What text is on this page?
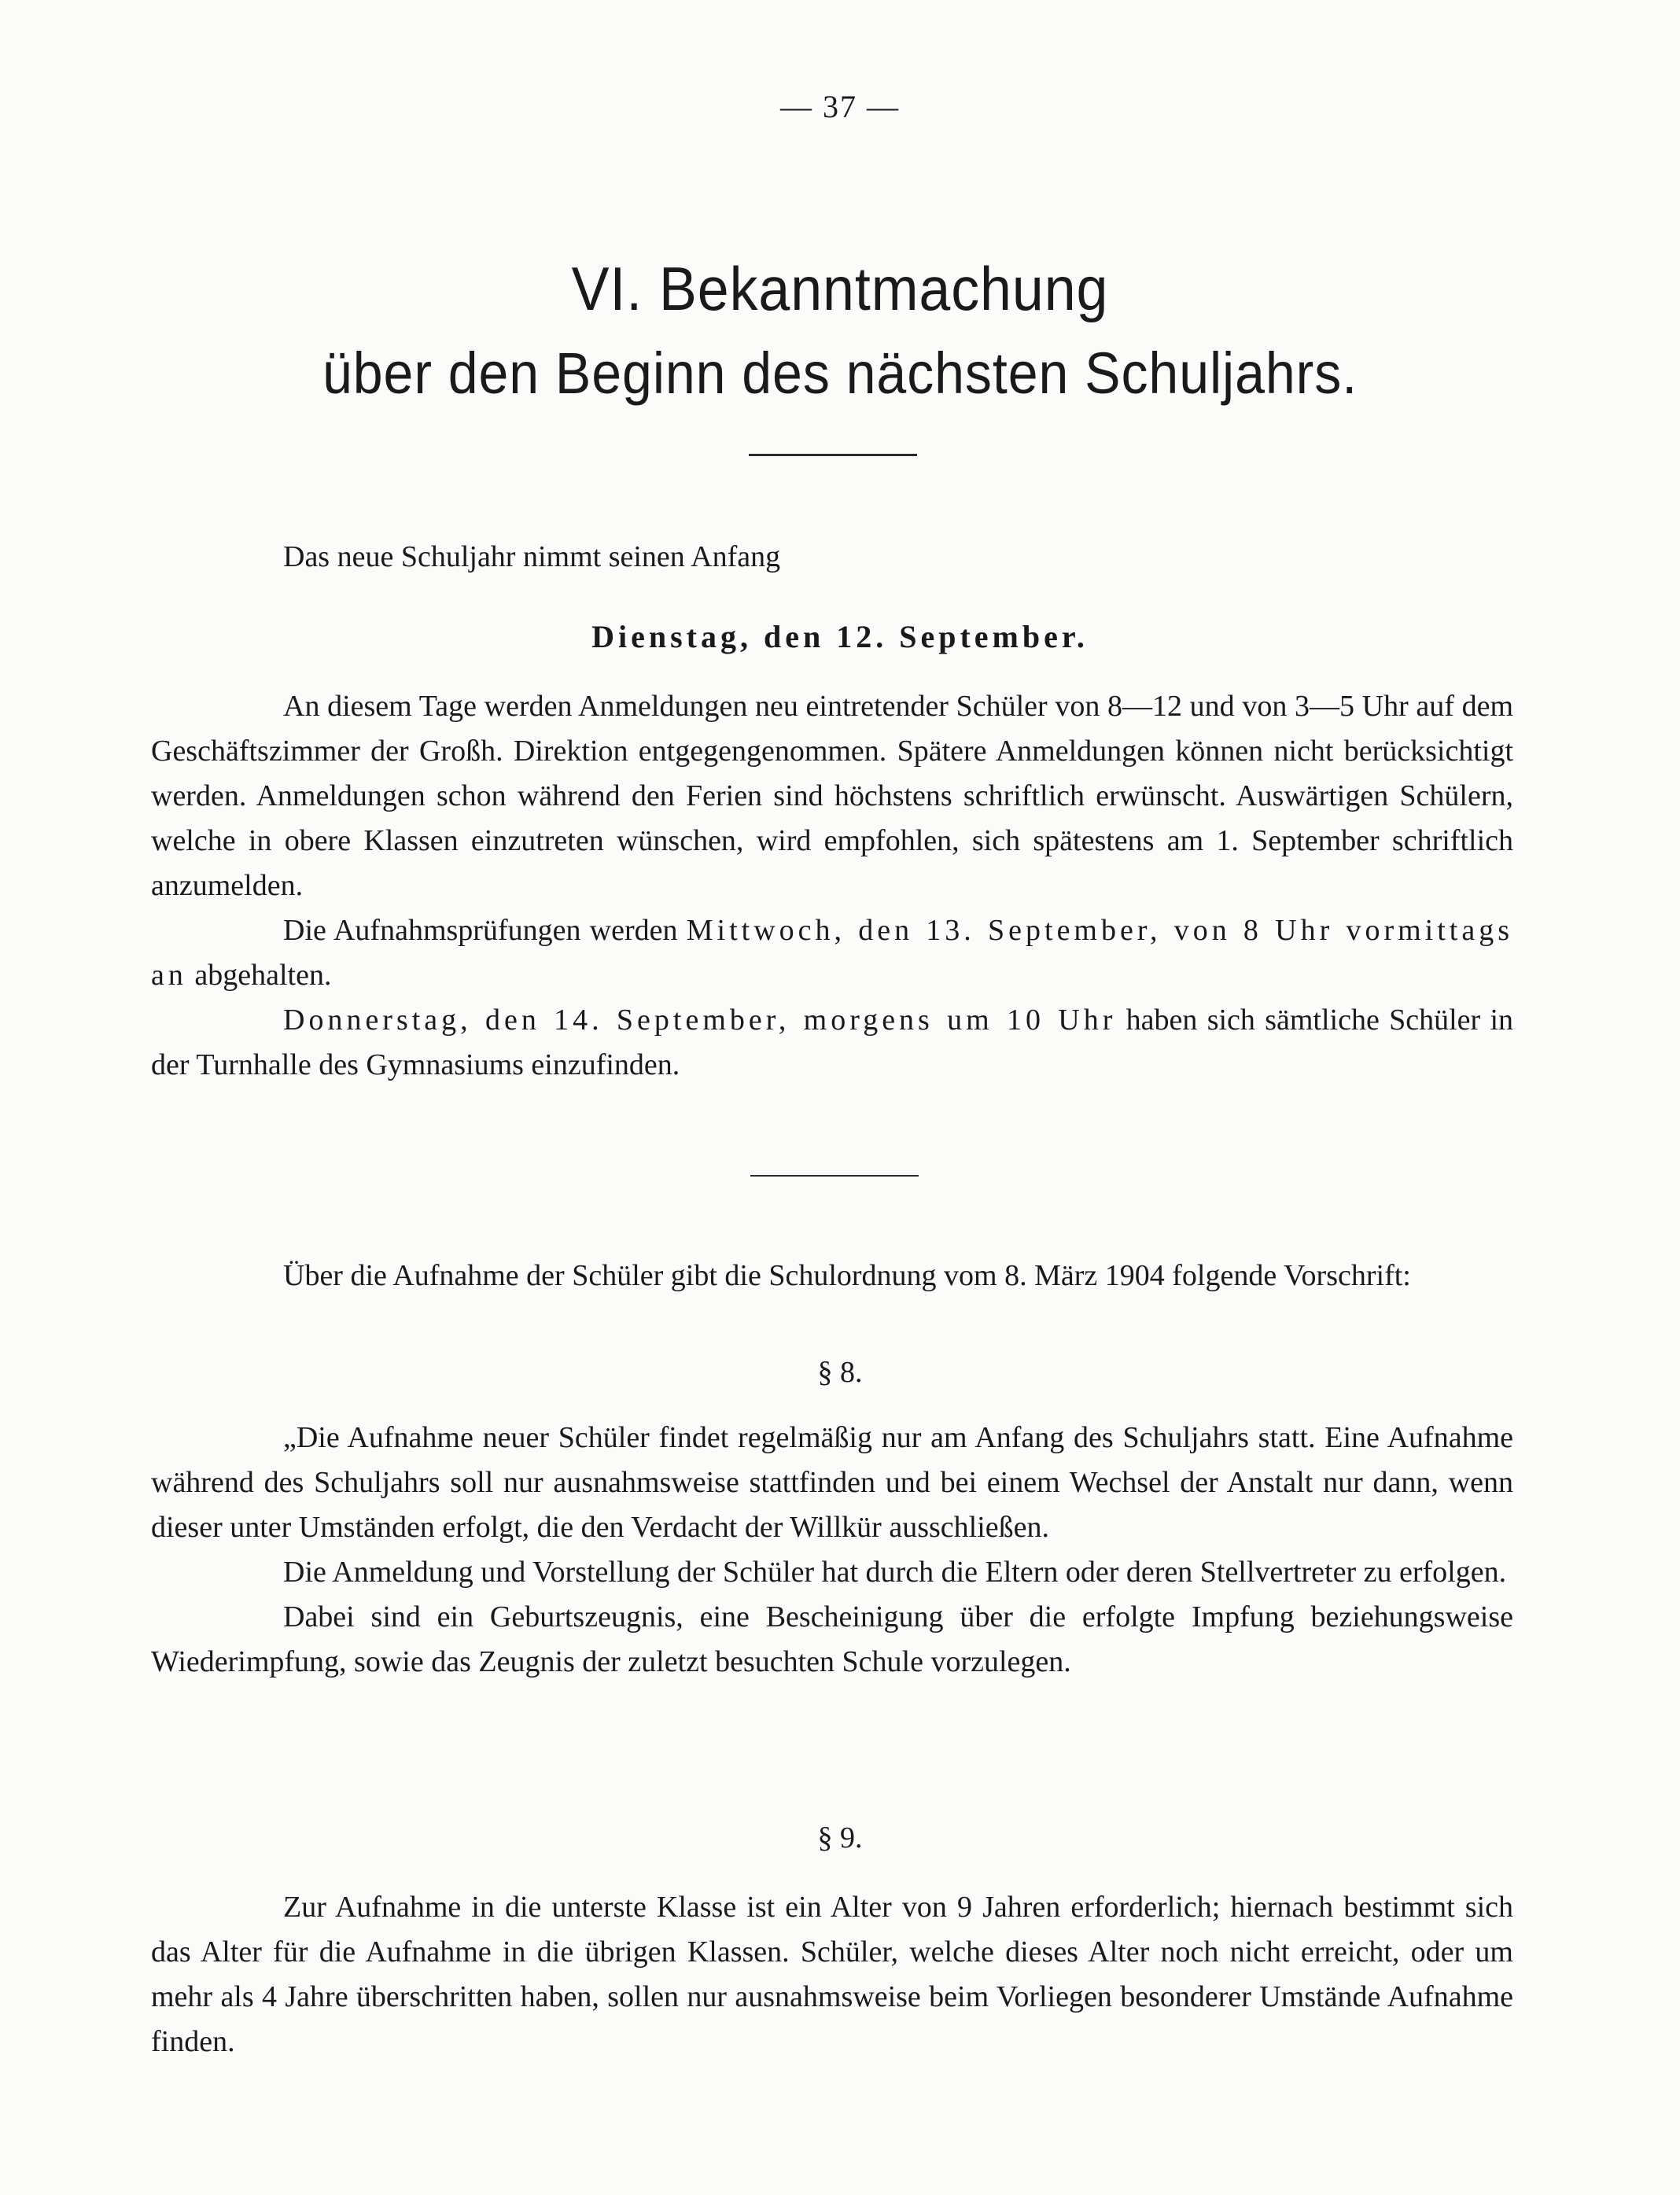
— 37 —
VI. Bekanntmachung
über den Beginn des nächsten Schuljahrs.

Das neue Schuljahr nimmt seinen Anfang

Dienstag, den 12. September.

An diesem Tage werden Anmeldungen neu eintretender Schüler von 8—12 und von 3—5 Uhr auf dem Geschäftszimmer der Großh. Direktion entgegengenommen. Spätere Anmeldungen können nicht berücksichtigt werden. Anmeldungen schon während den Ferien sind höchstens schriftlich erwünscht. Auswärtigen Schülern, welche in obere Klassen einzutreten wünschen, wird empfohlen, sich spätestens am 1. September schriftlich anzumelden.

Die Aufnahmsprüfungen werden Mittwoch, den 13. September, von 8 Uhr vormittags an abgehalten.

Donnerstag, den 14. September, morgens um 10 Uhr haben sich sämtliche Schüler in der Turnhalle des Gymnasiums einzufinden.

Über die Aufnahme der Schüler gibt die Schulordnung vom 8. März 1904 folgende Vorschrift:

§ 8.

„Die Aufnahme neuer Schüler findet regelmäßig nur am Anfang des Schuljahrs statt. Eine Aufnahme während des Schuljahrs soll nur ausnahmsweise stattfinden und bei einem Wechsel der Anstalt nur dann, wenn dieser unter Umständen erfolgt, die den Verdacht der Willkür ausschließen.

Die Anmeldung und Vorstellung der Schüler hat durch die Eltern oder deren Stellvertreter zu erfolgen.

Dabei sind ein Geburtszeugnis, eine Bescheinigung über die erfolgte Impfung beziehungsweise Wiederimpfung, sowie das Zeugnis der zuletzt besuchten Schule vorzulegen.

§ 9.

Zur Aufnahme in die unterste Klasse ist ein Alter von 9 Jahren erforderlich; hiernach bestimmt sich das Alter für die Aufnahme in die übrigen Klassen. Schüler, welche dieses Alter noch nicht erreicht, oder um mehr als 4 Jahre überschritten haben, sollen nur ausnahmsweise beim Vorliegen besonderer Umstände Aufnahme finden.
